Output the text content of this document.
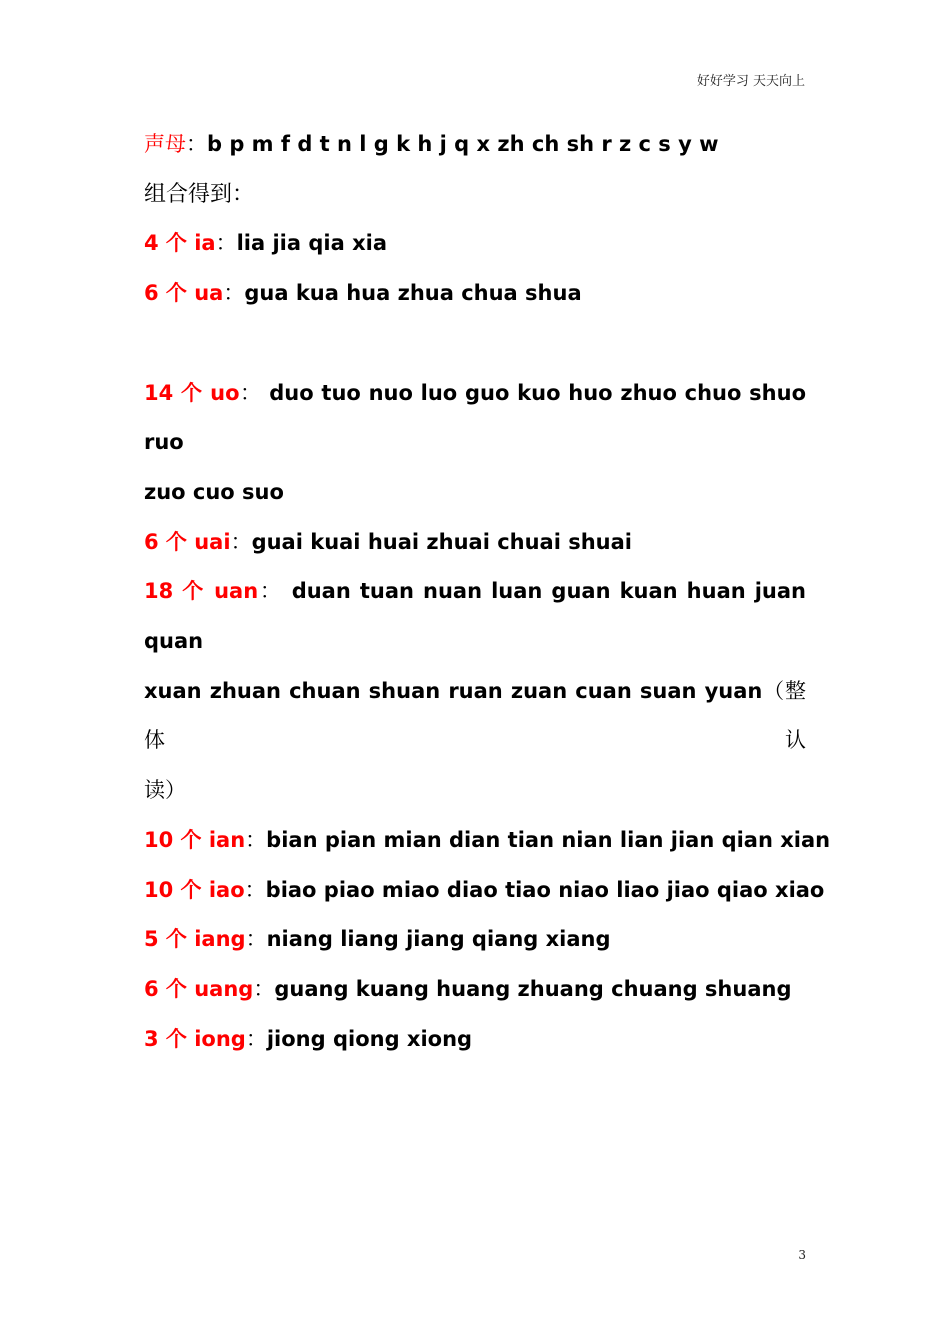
好好学习 天天向上
声母：b p m f d t n l g k h j q x zh ch sh r z c s y w
组合得到：
4 个 ia：lia jia qia xia
6 个 ua：gua kua hua zhua chua shua
14 个 uo： duo tuo nuo luo guo kuo huo zhuo chuo shuo ruo
zuo cuo suo
6 个 uai：guai kuai huai zhuai chuai shuai
18 个 uan： duan tuan nuan luan guan kuan huan juan quan
xuan zhuan chuan shuan ruan zuan cuan suan yuan（整体认
读）
10 个 ian：bian pian mian dian tian nian lian jian qian xian
10 个 iao：biao piao miao diao tiao niao liao jiao qiao xiao
5 个 iang：niang liang jiang qiang xiang
6 个 uang：guang kuang huang zhuang chuang shuang
3 个 iong：jiong qiong xiong
3
